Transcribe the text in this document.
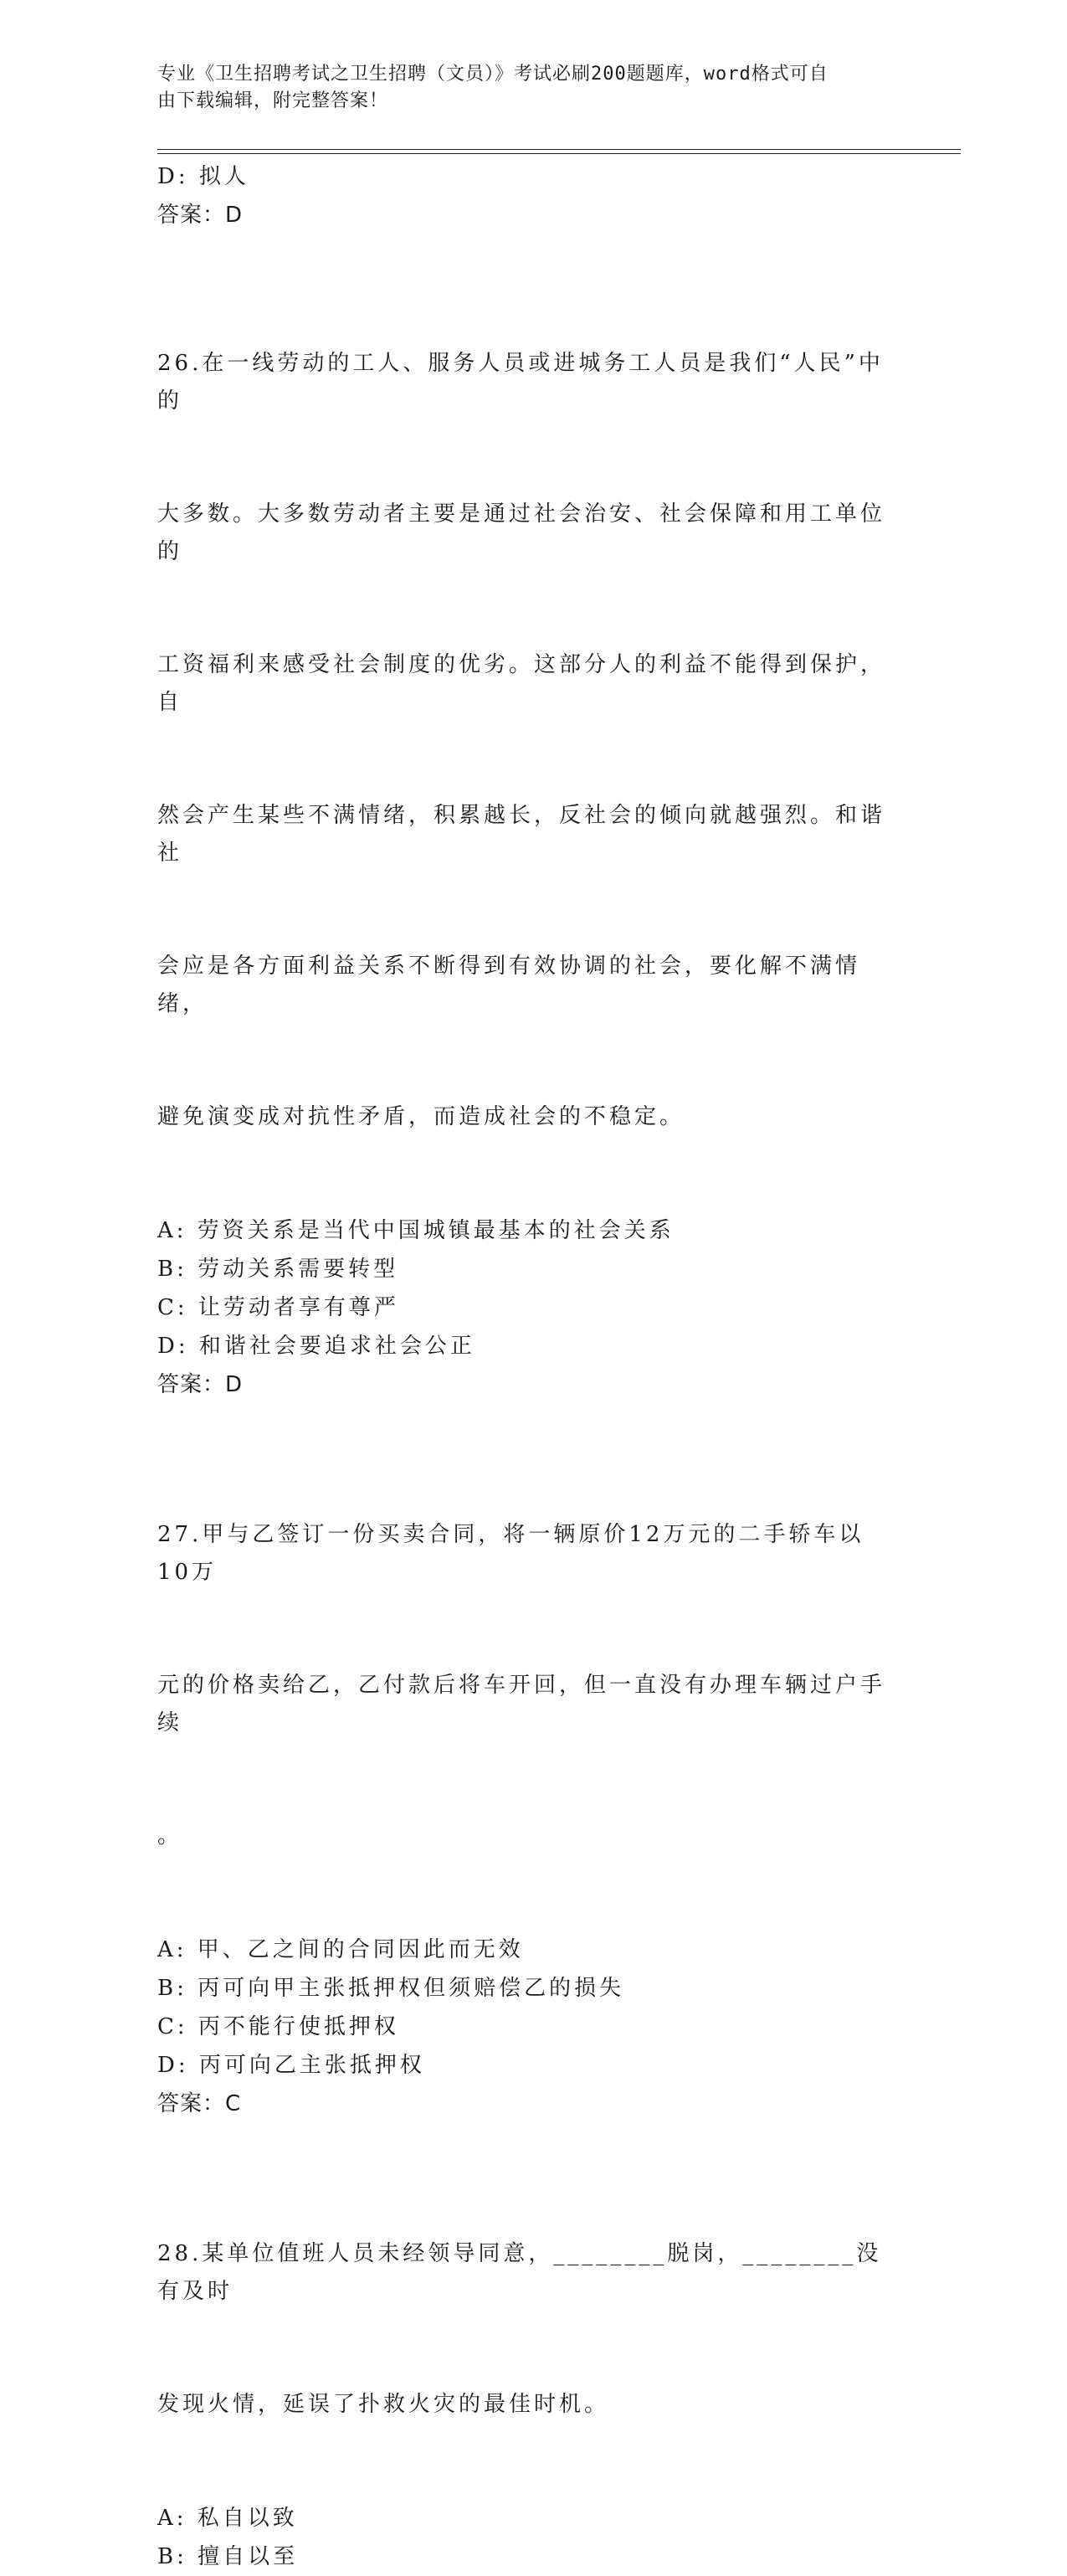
专业《卫生招聘考试之卫生招聘（文员）》考试必刷200题题库，word格式可自
由下载编辑，附完整答案！
D: 拟人
答案：D

26.在一线劳动的工人、服务人员或进城务工人员是我们“人民”中的

大多数。大多数劳动者主要是通过社会治安、社会保障和用工单位的

工资福利来感受社会制度的优劣。这部分人的利益不能得到保护，自

然会产生某些不满情绪，积累越长，反社会的倾向就越强烈。和谐社

会应是各方面利益关系不断得到有效协调的社会，要化解不满情绪，

避免演变成对抗性矛盾，而造成社会的不稳定。

A: 劳资关系是当代中国城镇最基本的社会关系
B: 劳动关系需要转型
C: 让劳动者享有尊严
D: 和谐社会要追求社会公正
答案：D

27.甲与乙签订一份买卖合同，将一辆原价12万元的二手轿车以10万

元的价格卖给乙，乙付款后将车开回，但一直没有办理车辆过户手续

。

A: 甲、乙之间的合同因此而无效
B: 丙可向甲主张抵押权但须赔偿乙的损失
C: 丙不能行使抵押权
D: 丙可向乙主张抵押权
答案：C

28.某单位值班人员未经领导同意，________脱岗，________没有及时

发现火情，延误了扑救火灾的最佳时机。

A: 私自以致
B: 擅自以至
